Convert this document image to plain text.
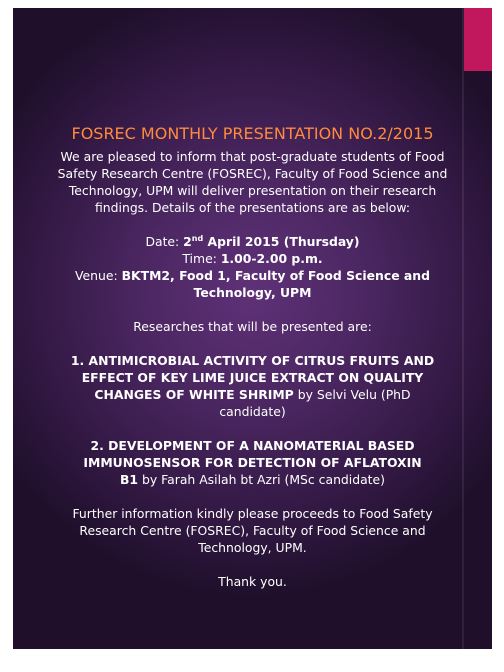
FOSREC MONTHLY PRESENTATION NO.2/2015

We are pleased to inform that post-graduate students of Food Safety Research Centre (FOSREC), Faculty of Food Science and Technology, UPM will deliver presentation on their research findings. Details of the presentations are as below:

Date: 2nd April 2015 (Thursday)

Time: 1.00-2.00 p.m.

Venue: BKTM2, Food 1, Faculty of Food Science and Technology, UPM

Researches that will be presented are:

1. ANTIMICROBIAL ACTIVITY OF CITRUS FRUITS AND EFFECT OF KEY LIME JUICE EXTRACT ON QUALITY CHANGES OF WHITE SHRIMP by Selvi Velu (PhD candidate)

2. DEVELOPMENT OF A NANOMATERIAL BASED IMMUNOSENSOR FOR DETECTION OF AFLATOXIN B1 by Farah Asilah bt Azri (MSc candidate)

Further information kindly please proceeds to Food Safety Research Centre (FOSREC), Faculty of Food Science and Technology, UPM.

Thank you.
